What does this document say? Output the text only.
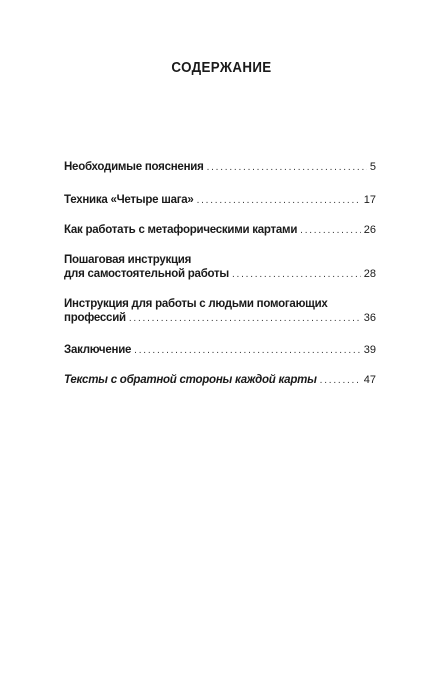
СОДЕРЖАНИЕ
Необходимые пояснения . . .	5
Техника «Четыре шага» . . .	17
Как работать с метафорическими картами . . .	26
Пошаговая инструкция
для самостоятельной работы . . .	28
Инструкция для работы с людьми помогающих
профессий . . .	36
Заключение . . .	39
Тексты с обратной стороны каждой карты . . .	47
